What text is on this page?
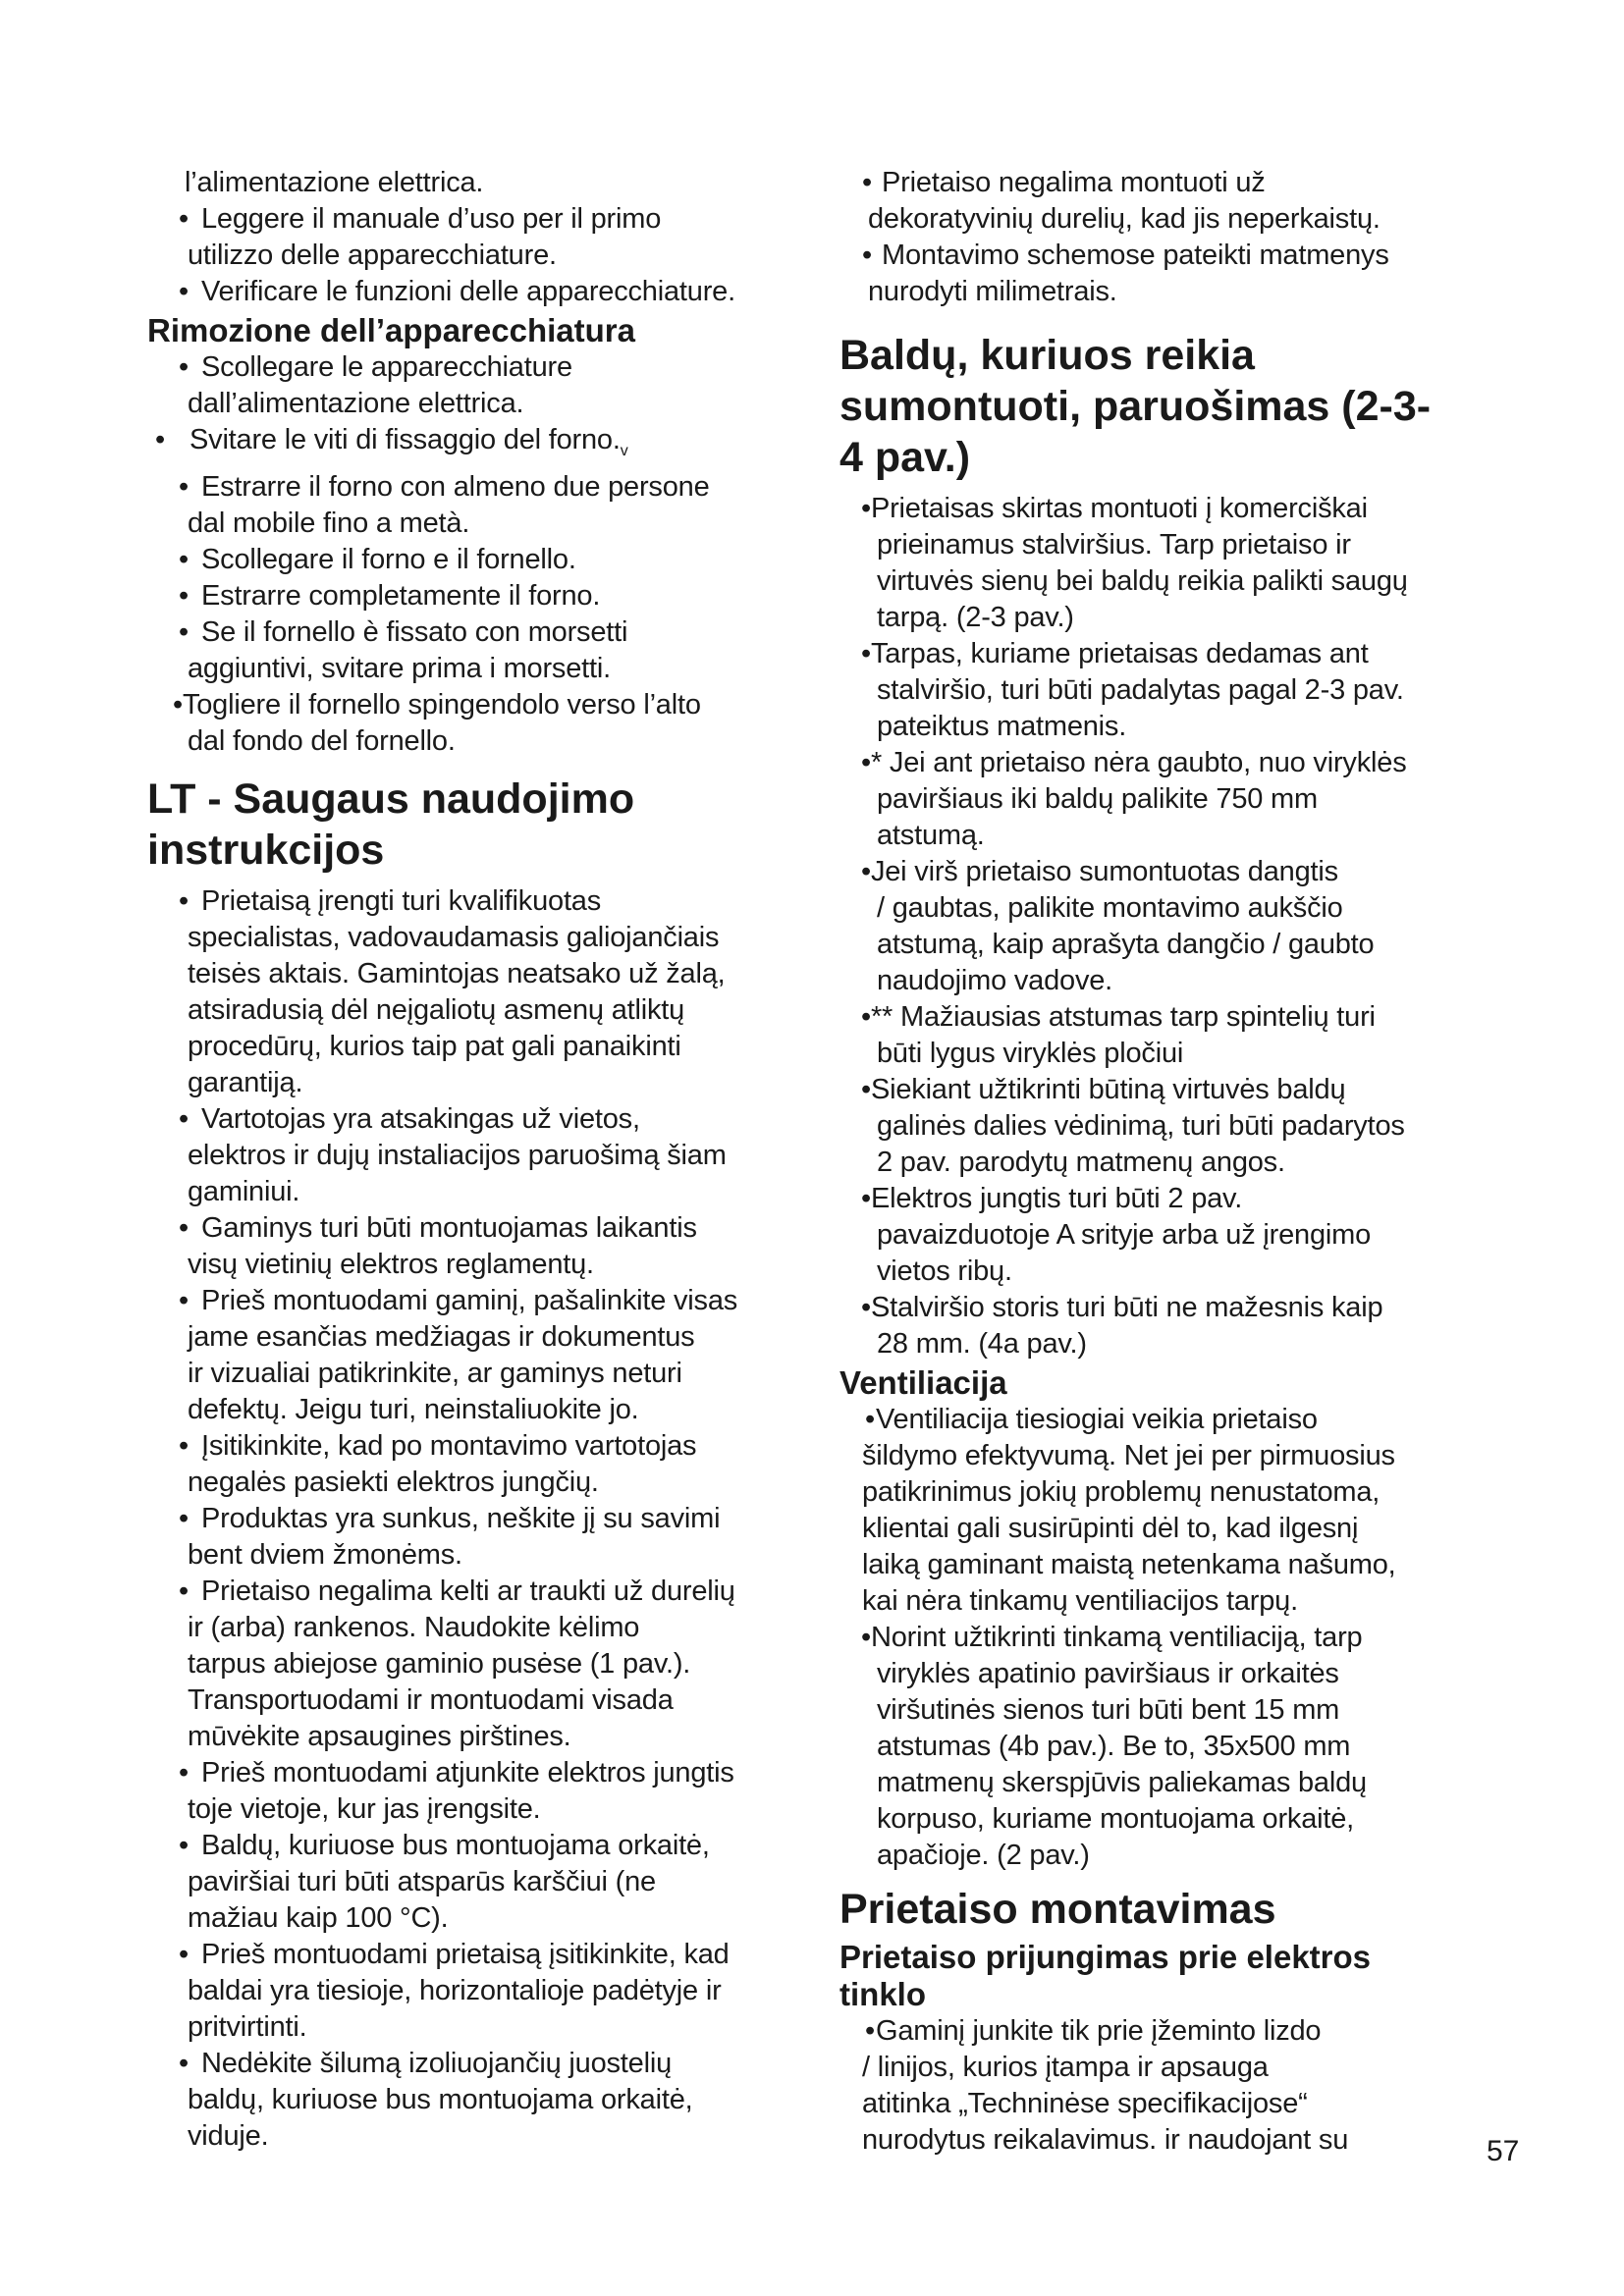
l’alimentazione elettrica.
• Leggere il manuale d’uso per il primo
utilizzo delle apparecchiature.
• Verificare le funzioni delle apparecchiature.
Rimozione dell’apparecchiatura
• Scollegare le apparecchiature
dall’alimentazione elettrica.
• Svitare le viti di fissaggio del $forno._v$
• Estrarre il forno con almeno due persone
dal mobile fino a metà.
• Scollegare il forno e il fornello.
• Estrarre completamente il forno.
• Se il fornello è fissato con morsetti
aggiuntivi, svitare prima i morsetti.
•Togliere il fornello spingendolo verso l’alto
dal fondo del fornello.
LT - Saugaus naudojimo
instrukcijos
• Prietaisą įrengti turi kvalifikuotas
specialistas, vadovaudamasis galiojančiais
teisės aktais. Gamintojas neatsako už žalą,
atsiradusią dėl neįgaliotų asmenų atliktų
procedūrų, kurios taip pat gali panaikinti
garantiją.
• Vartotojas yra atsakingas už vietos,
elektros ir dujų instaliacijos paruošimą šiam
gaminiui.
• Gaminys turi būti montuojamas laikantis
visų vietinių elektros reglamentų.
• Prieš montuodami gaminį, pašalinkite visas
jame esančias medžiagas ir dokumentus
ir vizualiai patikrinkite, ar gaminys neturi
defektų. Jeigu turi, neinstaliuokite jo.
• Įsitikinkite, kad po montavimo vartotojas
negalės pasiekti elektros jungčių.
• Produktas yra sunkus, neškite jį su savimi
bent dviem žmonėms.
• Prietaiso negalima kelti ar traukti už durelių
ir (arba) rankenos. Naudokite kėlimo
tarpus abiejose gaminio pusėse (1 pav.).
Transportuodami ir montuodami visada
mūvėkite apsaugines pirštines.
• Prieš montuodami atjunkite elektros jungtis
toje vietoje, kur jas įrengsite.
• Baldų, kuriuose bus montuojama orkaitė,
paviršiai turi būti atsparūs karščiui (ne
mažiau kaip 100 °C).
• Prieš montuodami prietaisą įsitikinkite, kad
baldai yra tiesioje, horizontalioje padėtyje ir
pritvirtinti.
• Nedėkite šilumą izoliuojančių juostelių
baldų, kuriuose bus montuojama orkaitė,
viduje.
• Prietaiso negalima montuoti už
dekoratyvinių durelių, kad jis neperkaistų.
• Montavimo schemose pateikti matmenys
nurodyti milimetrais.
Baldų, kuriuos reikia
sumontuoti, paruošimas (2-3-
4 pav.)
•Prietaisas skirtas montuoti į komerciškai
prieinamus stalviršius. Tarp prietaiso ir
virtuvės sienų bei baldų reikia palikti saugų
tarpą. (2-3 pav.)
•Tarpas, kuriame prietaisas dedamas ant
stalviršio, turi būti padalytas pagal 2-3 pav.
pateiktus matmenis.
•* Jei ant prietaiso nėra gaubto, nuo viryklės
paviršiaus iki baldų palikite 750 mm
atstumą.
•Jei virš prietaiso sumontuotas dangtis
/ gaubtas, palikite montavimo aukščio
atstumą, kaip aprašyta dangčio / gaubto
naudojimo vadove.
•** Mažiausias atstumas tarp spintelių turi
būti lygus viryklės pločiui
•Siekiant užtikrinti būtiną virtuvės baldų
galinės dalies vėdinimą, turi būti padarytos
2 pav. parodytų matmenų angos.
•Elektros jungtis turi būti 2 pav.
pavaizduotoje A srityje arba už įrengimo
vietos ribų.
•Stalviršio storis turi būti ne mažesnis kaip
28 mm. (4a pav.)
Ventiliacija
• Ventiliacija tiesiogiai veikia prietaiso
šildymo efektyvumą. Net jei per pirmuosius
patikrinimus jokių problemų nenustatoma,
klientai gali susirūpinti dėl to, kad ilgesnį
laiką gaminant maistą netenkama našumo,
kai nėra tinkamų ventiliacijos tarpų.
•Norint užtikrinti tinkamą ventiliaciją, tarp
viryklės apatinio paviršiaus ir orkaitės
viršutinės sienos turi būti bent 15 mm
atstumas (4b pav.). Be to, 35x500 mm
matmenų skerspjūvis paliekamas baldų
korpuso, kuriame montuojama orkaitė,
apačioje. (2 pav.)
Prietaiso montavimas
Prietaiso prijungimas prie elektros
tinklo
• Gaminį junkite tik prie įžeminto lizdo
/ linijos, kurios įtampa ir apsauga
atitinka „Techninėse specifikacijose“
nurodytus reikalavimus. ir naudojant su	57
